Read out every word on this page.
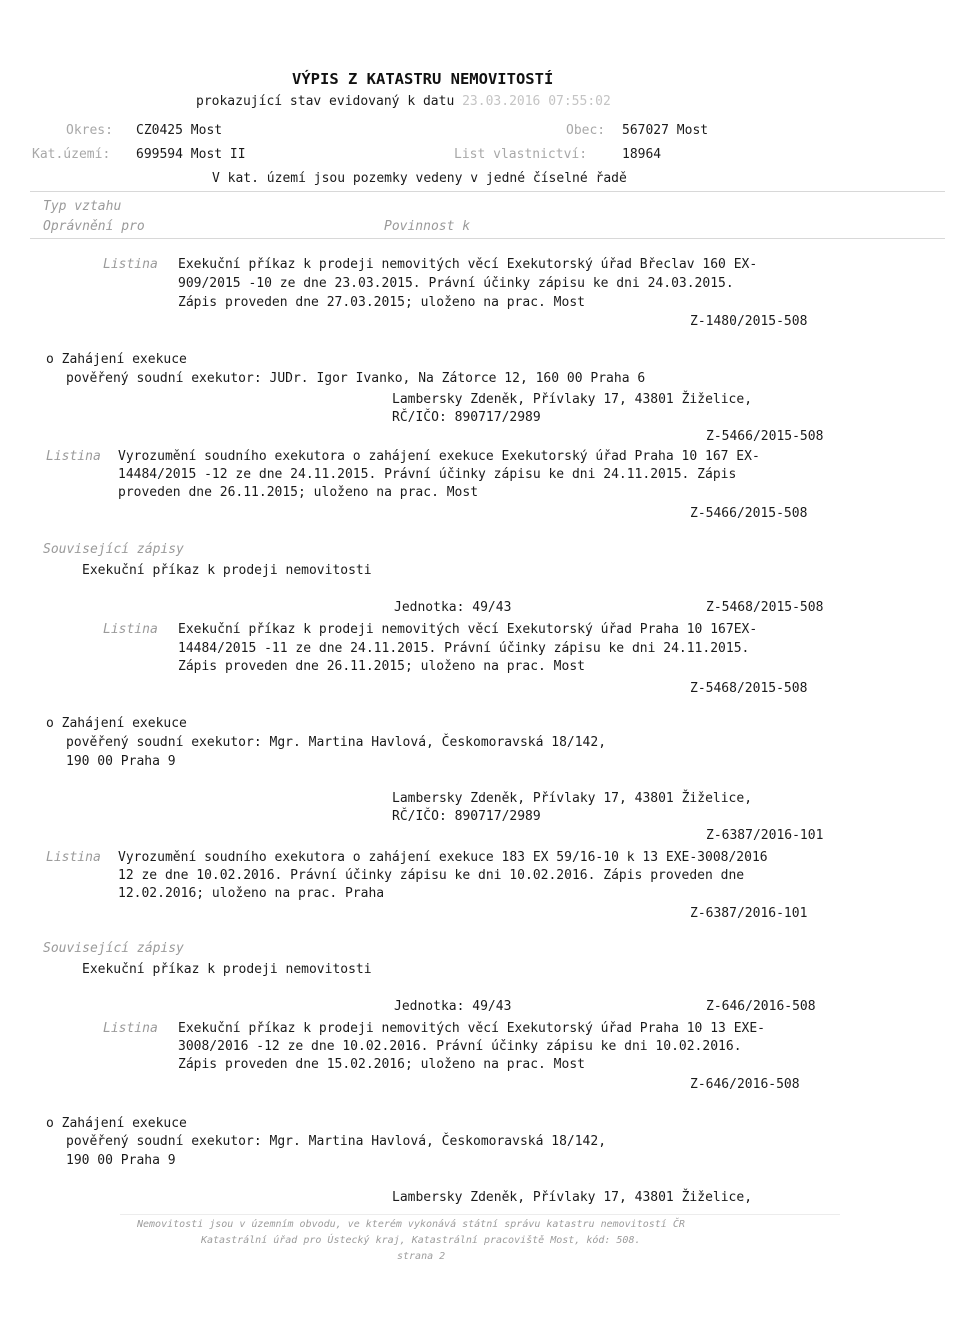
VÝPIS Z KATASTRU NEMOVITOSTÍ
prokazující stav evidovaný k datu 23.03.2016 07:55:02
Okres: CZ0425 Most	Obec: 567027 Most
Kat.území: 699594 Most II	List vlastnictví:	18964
V kat. území jsou pozemky vedeny v jedné číselné řadě
Typ vztahu
Oprávnění pro	Povinnost k
Listina Exekuční příkaz k prodeji nemovitých věcí Exekutorský úřad Břeclav 160 EX-
909/2015 -10 ze dne 23.03.2015. Právní účinky zápisu ke dni 24.03.2015.
Zápis proveden dne 27.03.2015; uloženo na prac. Most
Z-1480/2015-508
o Zahájení exekuce
pověřený soudní exekutor: JUDr. Igor Ivanko, Na Zátorce 12, 160 00 Praha 6
Lambersky Zdeněk, Přívlaky 17, 43801 Žiželice,
RČ/IČO: 890717/2989
Z-5466/2015-508
Listina Vyrozumění soudního exekutora o zahájení exekuce Exekutorský úřad Praha 10 167 EX-
14484/2015 -12 ze dne 24.11.2015. Právní účinky zápisu ke dni 24.11.2015. Zápis
proveden dne 26.11.2015; uloženo na prac. Most
Z-5466/2015-508
Související zápisy
Exekuční příkaz k prodeji nemovitosti
Jednotka: 49/43	Z-5468/2015-508
Listina Exekuční příkaz k prodeji nemovitých věcí Exekutorský úřad Praha 10 167EX-
14484/2015 -11 ze dne 24.11.2015. Právní účinky zápisu ke dni 24.11.2015.
Zápis proveden dne 26.11.2015; uloženo na prac. Most
Z-5468/2015-508
o Zahájení exekuce
pověřený soudní exekutor: Mgr. Martina Havlová, Českomoravská 18/142,
190 00 Praha 9
Lambersky Zdeněk, Přívlaky 17, 43801 Žiželice,
RČ/IČO: 890717/2989
Z-6387/2016-101
Listina Vyrozumění soudního exekutora o zahájení exekuce 183 EX 59/16-10 k 13 EXE-3008/2016
12 ze dne 10.02.2016. Právní účinky zápisu ke dni 10.02.2016. Zápis proveden dne
12.02.2016; uloženo na prac. Praha
Z-6387/2016-101
Související zápisy
Exekuční příkaz k prodeji nemovitosti
Jednotka: 49/43	Z-646/2016-508
Listina Exekuční příkaz k prodeji nemovitých věcí Exekutorský úřad Praha 10 13 EXE-
3008/2016 -12 ze dne 10.02.2016. Právní účinky zápisu ke dni 10.02.2016.
Zápis proveden dne 15.02.2016; uloženo na prac. Most
Z-646/2016-508
o Zahájení exekuce
pověřený soudní exekutor: Mgr. Martina Havlová, Českomoravská 18/142,
190 00 Praha 9
Lambersky Zdeněk, Přívlaky 17, 43801 Žiželice,
Nemovitosti jsou v územním obvodu, ve kterém vykonává státní správu katastru nemovitostí ČR
Katastrální úřad pro Ústecký kraj, Katastrální pracoviště Most, kód: 508.
strana 2
